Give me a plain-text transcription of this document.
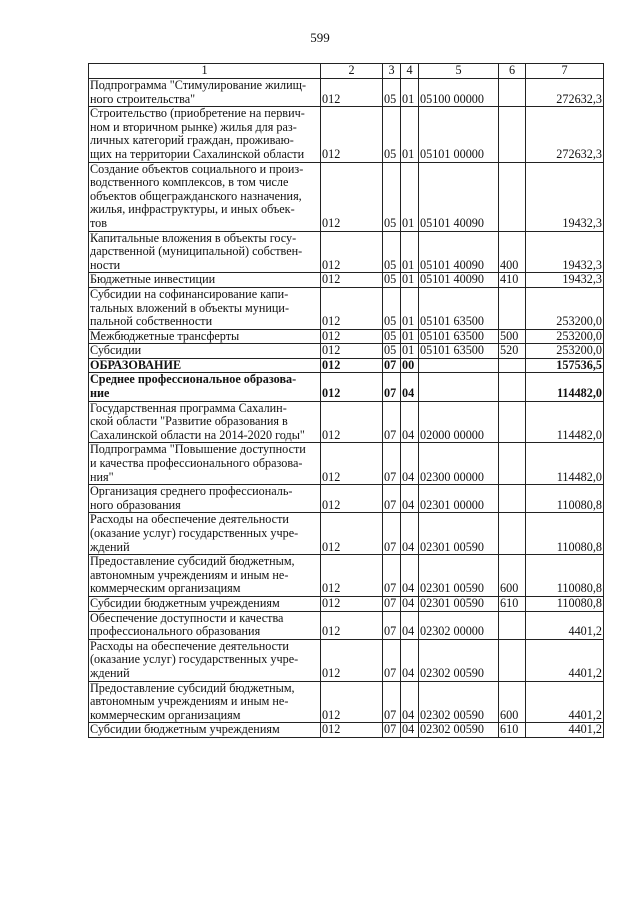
599
1	2	3	4	5	6	7
Подпрограмма "Стимулирование жилищ-
ного строительства"	012	05	01	05100 00000		272632,3
Строительство (приобретение на первич-
ном и вторичном рынке) жилья для раз-
личных категорий граждан, проживаю-
щих на территории Сахалинской области	012	05	01	05101 00000		272632,3
Создание объектов социального и произ-
водственного комплексов, в том числе
объектов общегражданского назначения,
жилья, инфраструктуры, и иных объек-
тов	012	05	01	05101 40090		19432,3
Капитальные вложения в объекты госу-
дарственной (муниципальной) собствен-
ности	012	05	01	05101 40090	400	19432,3
Бюджетные инвестиции	012	05	01	05101 40090	410	19432,3
Субсидии на софинансирование капи-
тальных вложений в объекты муници-
пальной собственности	012	05	01	05101 63500		253200,0
Межбюджетные трансферты	012	05	01	05101 63500	500	253200,0
Субсидии	012	05	01	05101 63500	520	253200,0
ОБРАЗОВАНИЕ	012	07	00			157536,5
Среднее профессиональное образова-
ние	012	07	04			114482,0
Государственная программа Сахалин-
ской области "Развитие образования в
Сахалинской области на 2014-2020 годы"	012	07	04	02000 00000		114482,0
Подпрограмма "Повышение доступности
и качества профессионального образова-
ния"	012	07	04	02300 00000		114482,0
Организация среднего профессиональ-
ного образования	012	07	04	02301 00000		110080,8
Расходы на обеспечение деятельности
(оказание услуг) государственных учре-
ждений	012	07	04	02301 00590		110080,8
Предоставление субсидий бюджетным,
автономным учреждениям и иным не-
коммерческим организациям	012	07	04	02301 00590	600	110080,8
Субсидии бюджетным учреждениям	012	07	04	02301 00590	610	110080,8
Обеспечение доступности и качества
профессионального образования	012	07	04	02302 00000		4401,2
Расходы на обеспечение деятельности
(оказание услуг) государственных учре-
ждений	012	07	04	02302 00590		4401,2
Предоставление субсидий бюджетным,
автономным учреждениям и иным не-
коммерческим организациям	012	07	04	02302 00590	600	4401,2
Субсидии бюджетным учреждениям	012	07	04	02302 00590	610	4401,2
